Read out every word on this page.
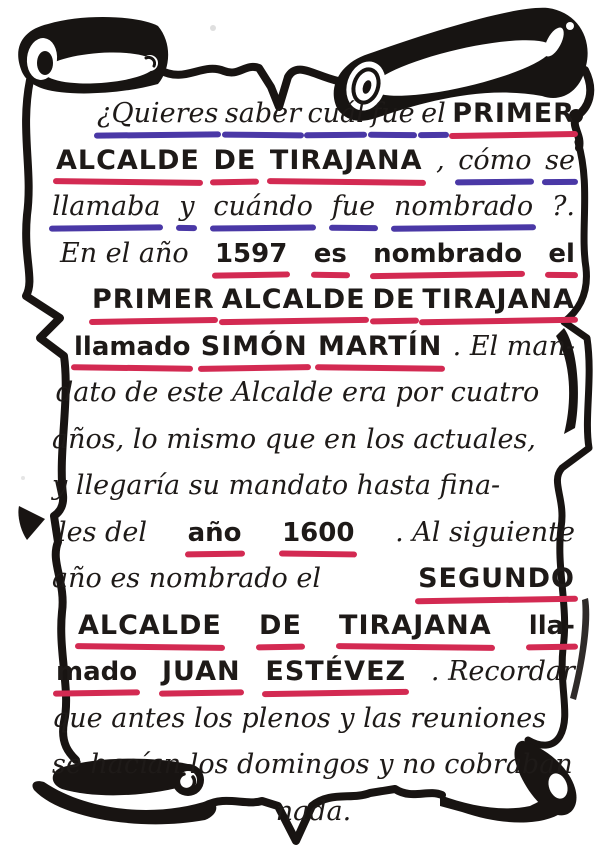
¿Quieres saber cuál fue el PRIMER
ALCALDE DE TIRAJANA , cómo se
llamaba y cuándo fue nombrado ?.
En el año 1597 es nombrado el
PRIMER ALCALDE DE TIRAJANA
llamado SIMÓN MARTÍN . El man-
dato de este Alcalde era por cuatro
años, lo mismo que en los actuales,
y llegaría su mandato hasta fina-
les del año 1600 . Al siguiente
año es nombrado el	SEGUNDO
ALCALDE DE TIRAJANA lla-
mado JUAN ESTÉVEZ . Recordar
que antes los plenos y las reuniones
se hacían los domingos y no cobraban
nada.
